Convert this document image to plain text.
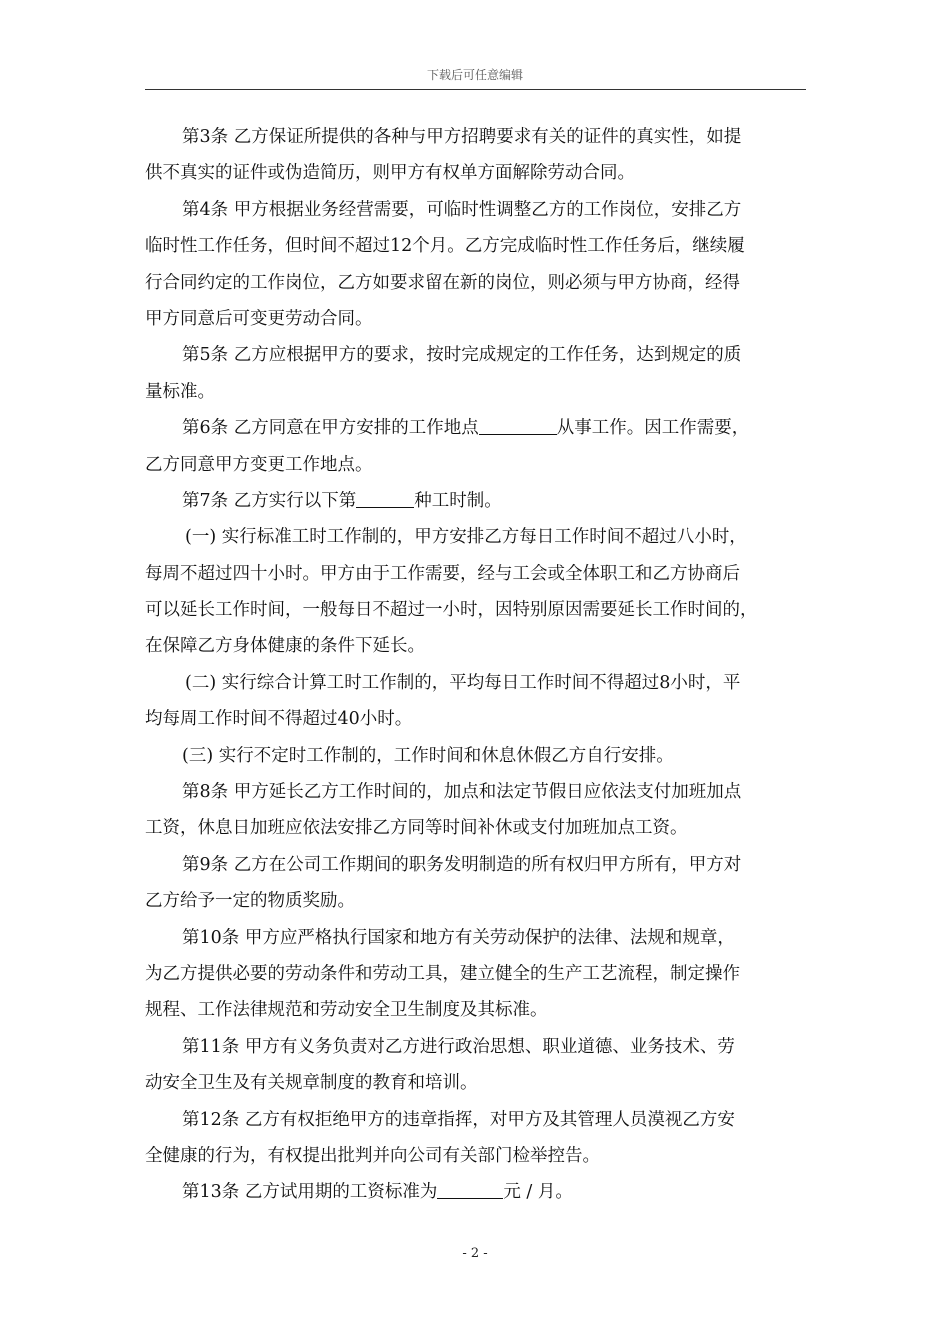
下载后可任意编辑
第3条 乙方保证所提供的各种与甲方招聘要求有关的证件的真实性，如提
供不真实的证件或伪造简历，则甲方有权单方面解除劳动合同。
第4条 甲方根据业务经营需要，可临时性调整乙方的工作岗位，安排乙方
临时性工作任务，但时间不超过12个月。乙方完成临时性工作任务后，继续履
行合同约定的工作岗位，乙方如要求留在新的岗位，则必须与甲方协商，经得
甲方同意后可变更劳动合同。
第5条 乙方应根据甲方的要求，按时完成规定的工作任务，达到规定的质
量标准。
第6条 乙方同意在甲方安排的工作地点	从事工作。因工作需要，
乙方同意甲方变更工作地点。
第7条 乙方实行以下第	种工时制。
(一) 实行标准工时工作制的，甲方安排乙方每日工作时间不超过八小时，
每周不超过四十小时。甲方由于工作需要，经与工会或全体职工和乙方协商后
可以延长工作时间，一般每日不超过一小时，因特别原因需要延长工作时间的，
在保障乙方身体健康的条件下延长。
(二) 实行综合计算工时工作制的，平均每日工作时间不得超过8小时，平
均每周工作时间不得超过40小时。
(三) 实行不定时工作制的，工作时间和休息休假乙方自行安排。
第8条 甲方延长乙方工作时间的，加点和法定节假日应依法支付加班加点
工资，休息日加班应依法安排乙方同等时间补休或支付加班加点工资。
第9条 乙方在公司工作期间的职务发明制造的所有权归甲方所有，甲方对
乙方给予一定的物质奖励。
第10条 甲方应严格执行国家和地方有关劳动保护的法律、法规和规章，
为乙方提供必要的劳动条件和劳动工具，建立健全的生产工艺流程，制定操作
规程、工作法律规范和劳动安全卫生制度及其标准。
第11条 甲方有义务负责对乙方进行政治思想、职业道德、业务技术、劳
动安全卫生及有关规章制度的教育和培训。
第12条 乙方有权拒绝甲方的违章指挥，对甲方及其管理人员漠视乙方安
全健康的行为，有权提出批判并向公司有关部门检举控告。
第13条 乙方试用期的工资标准为	元 / 月。
- 2 -
